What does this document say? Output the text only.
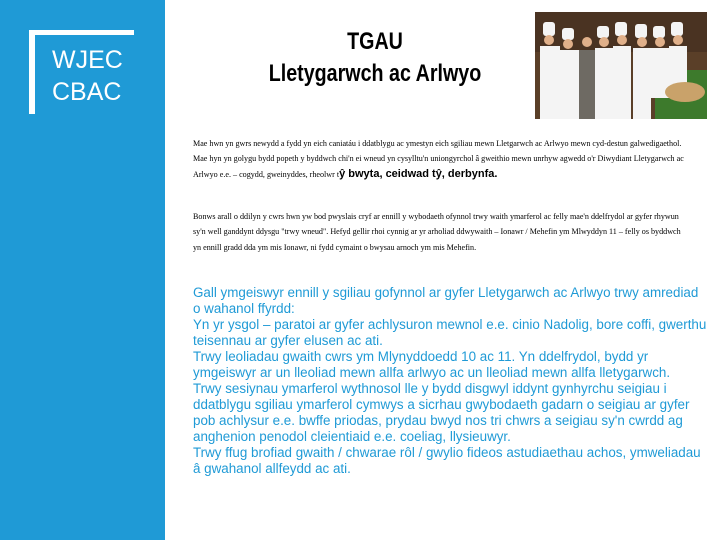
WJEC
CBAC
TGAU
Lletygarwch ac Arlwyo
Mae hwn yn gwrs newydd a fydd yn eich caniatáu i ddatblygu ac ymestyn eich sgiliau mewn Lletgarwch ac Arlwyo mewn cyd-destun galwedigaethol. Mae hyn yn golygu bydd popeth y byddwch chi'n ei wneud yn cysylltu'n uniongyrchol â gweithio mewn unrhyw agwedd o'r Diwydiant Lletygarwch ac Arlwyo e.e. – cogydd, gweinyddes, rheolwr tŷ bwyta, ceidwad tŷ, derbynfa.
Bonws arall o ddilyn y cwrs hwn yw bod pwyslais cryf ar ennill y wybodaeth ofynnol trwy waith ymarferol ac felly mae'n ddelfrydol ar gyfer rhywun sy'n well ganddynt ddysgu "trwy wneud". Hefyd gellir rhoi cynnig ar yr arholiad ddwywaith – Ionawr / Mehefin ym Mlwyddyn 11 – felly os byddwch yn ennill gradd dda ym mis Ionawr, ni fydd cymaint o bwysau arnoch ym mis Mehefin.
Gall ymgeiswyr ennill y sgiliau gofynnol ar gyfer Lletygarwch ac Arlwyo trwy amrediad o wahanol ffyrdd:
Yn yr ysgol – paratoi ar gyfer achlysuron mewnol e.e. cinio Nadolig, bore coffi, gwerthu teisennau ar gyfer elusen ac ati.
Trwy leoliadau gwaith cwrs ym Mlynyddoedd 10 ac 11. Yn ddelfrydol, bydd yr ymgeiswyr ar un lleoliad mewn allfa arlwyo ac un lleoliad mewn allfa lletygarwch.
Trwy sesiynau ymarferol wythnosol lle y bydd disgwyl iddynt gynhyrchu seigiau i ddatblygu sgiliau ymarferol cymwys a sicrhau gwybodaeth gadarn o seigiau ar gyfer pob achlysur e.e. bwffe priodas, prydau bwyd nos tri chwrs a seigiau sy'n cwrdd ag anghenion penodol cleientiaid e.e. coeliag, llysieuwyr.
Trwy ffug brofiad gwaith / chwarae rôl / gwylio fideos astudiaethau achos, ymweliadau â gwahanol allfeydd ac ati.
